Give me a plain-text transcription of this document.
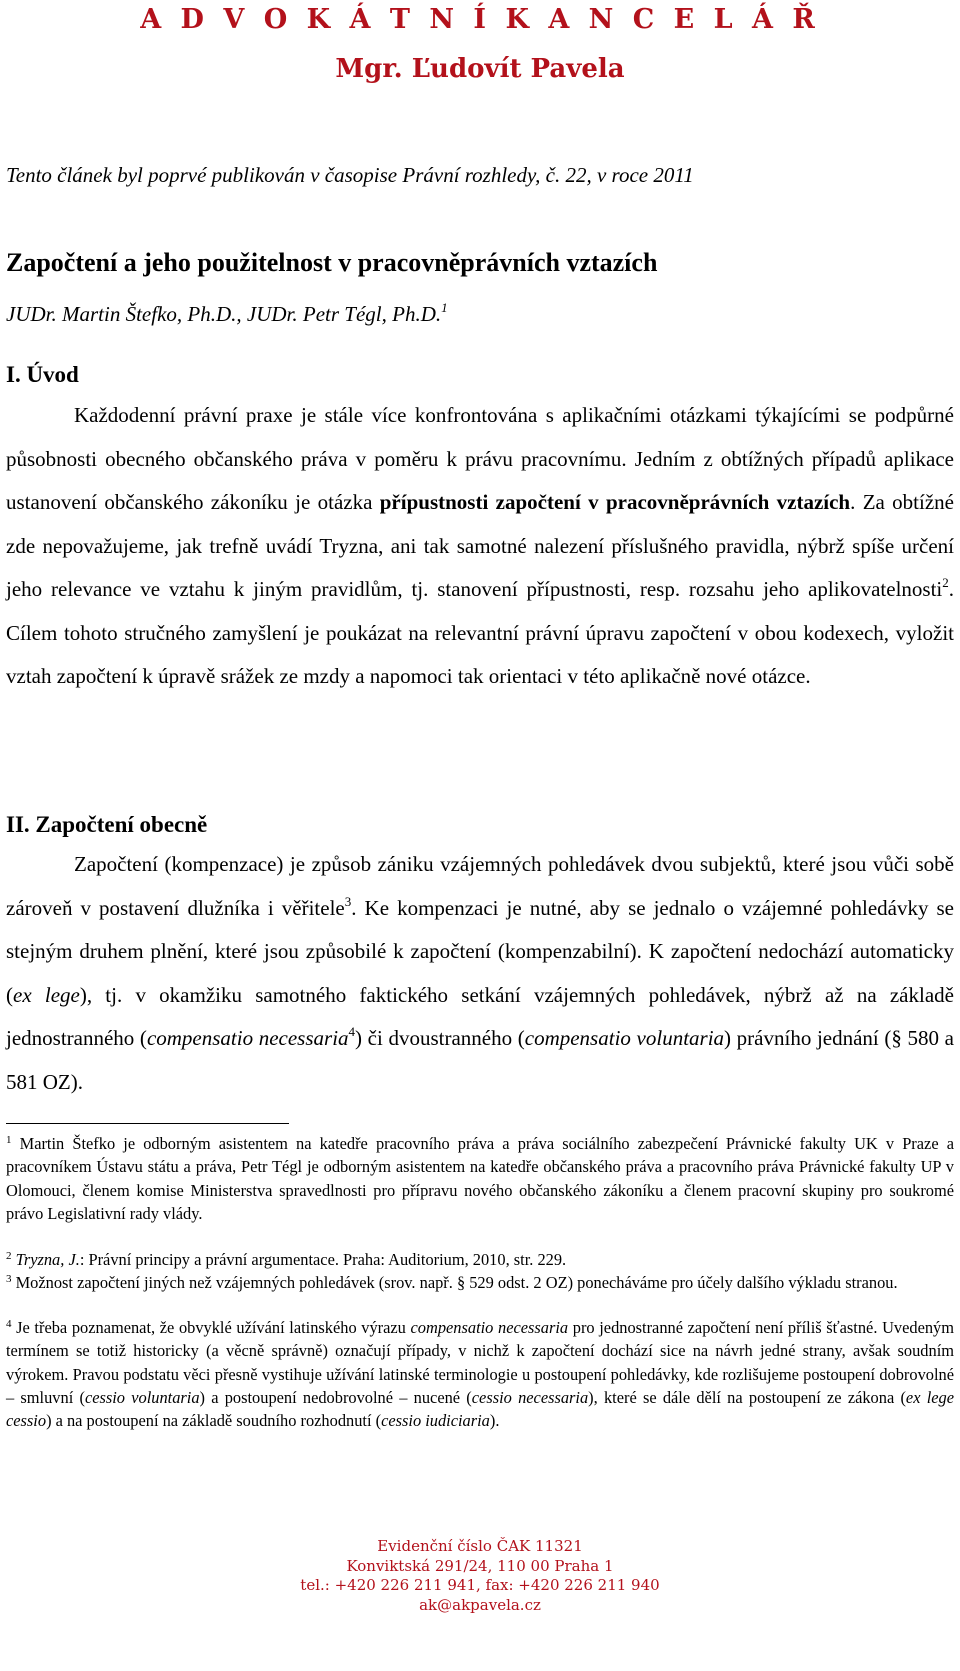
A D V O K Á T N Í K A N C E L Á Ř
Mgr. Ľudovít Pavela
Tento článek byl poprvé publikován v časopise Právní rozhledy, č. 22, v roce 2011
Započtení a jeho použitelnost v pracovněprávních vztazích
JUDr. Martin Štefko, Ph.D., JUDr. Petr Tégl, Ph.D.$^1$
I. Úvod
Každodenní právní praxe je stále více konfrontována s aplikačními otázkami týkajícími se podpůrné působnosti obecného občanského práva v poměru k právu pracovnímu. Jedním z obtížných případů aplikace ustanovení občanského zákoníku je otázka přípustnosti započtení v pracovněprávních vztazích. Za obtížné zde nepovažujeme, jak trefně uvádí Tryzna, ani tak samotné nalezení příslušného pravidla, nýbrž spíše určení jeho relevance ve vztahu k jiným pravidlům, tj. stanovení přípustnosti, resp. rozsahu jeho aplikovatelnosti$^2$. Cílem tohoto stručného zamyšlení je poukázat na relevantní právní úpravu započtení v obou kodexech, vyložit vztah započtení k úpravě srážek ze mzdy a napomoci tak orientaci v této aplikačně nové otázce.
II. Započtení obecně
Započtení (kompenzace) je způsob zániku vzájemných pohledávek dvou subjektů, které jsou vůči sobě zároveň v postavení dlužníka i věřitele$^3$. Ke kompenzaci je nutné, aby se jednalo o vzájemné pohledávky se stejným druhem plnění, které jsou způsobilé k započtení (kompenzabilní). K započtení nedochází automaticky (ex lege), tj. v okamžiku samotného faktického setkání vzájemných pohledávek, nýbrž až na základě jednostranného (compensatio necessaria$^4$) či dvoustranného (compensatio voluntaria) právního jednání (§ 580 a 581 OZ).
$^1$ Martin Štefko je odborným asistentem na katedře pracovního práva a práva sociálního zabezpečení Právnické fakulty UK v Praze a pracovníkem Ústavu státu a práva, Petr Tégl je odborným asistentem na katedře občanského práva a pracovního práva Právnické fakulty UP v Olomouci, členem komise Ministerstva spravedlnosti pro přípravu nového občanského zákoníku a členem pracovní skupiny pro soukromé právo Legislativní rady vlády.
$^2$ Tryzna, J.: Právní principy a právní argumentace. Praha: Auditorium, 2010, str. 229.
$^3$ Možnost započtení jiných než vzájemných pohledávek (srov. např. § 529 odst. 2 OZ) ponecháváme pro účely dalšího výkladu stranou.
$^4$ Je třeba poznamenat, že obvyklé užívání latinského výrazu compensatio necessaria pro jednostranné započtení není příliš šťastné. Uvedeným termínem se totiž historicky (a věcně správně) označují případy, v nichž k započtení dochází sice na návrh jedné strany, avšak soudním výrokem. Pravou podstatu věci přesně vystihuje užívání latinské terminologie u postoupení pohledávky, kde rozlišujeme postoupení dobrovolné – smluvní (cessio voluntaria) a postoupení nedobrovolné – nucené (cessio necessaria), které se dále dělí na postoupení ze zákona (ex lege cessio) a na postoupení na základě soudního rozhodnutí (cessio iudiciaria).
Evidenční číslo ČAK 11321
Konviktská 291/24, 110 00 Praha 1
tel.: +420 226 211 941, fax: +420 226 211 940
ak@akpavela.cz
